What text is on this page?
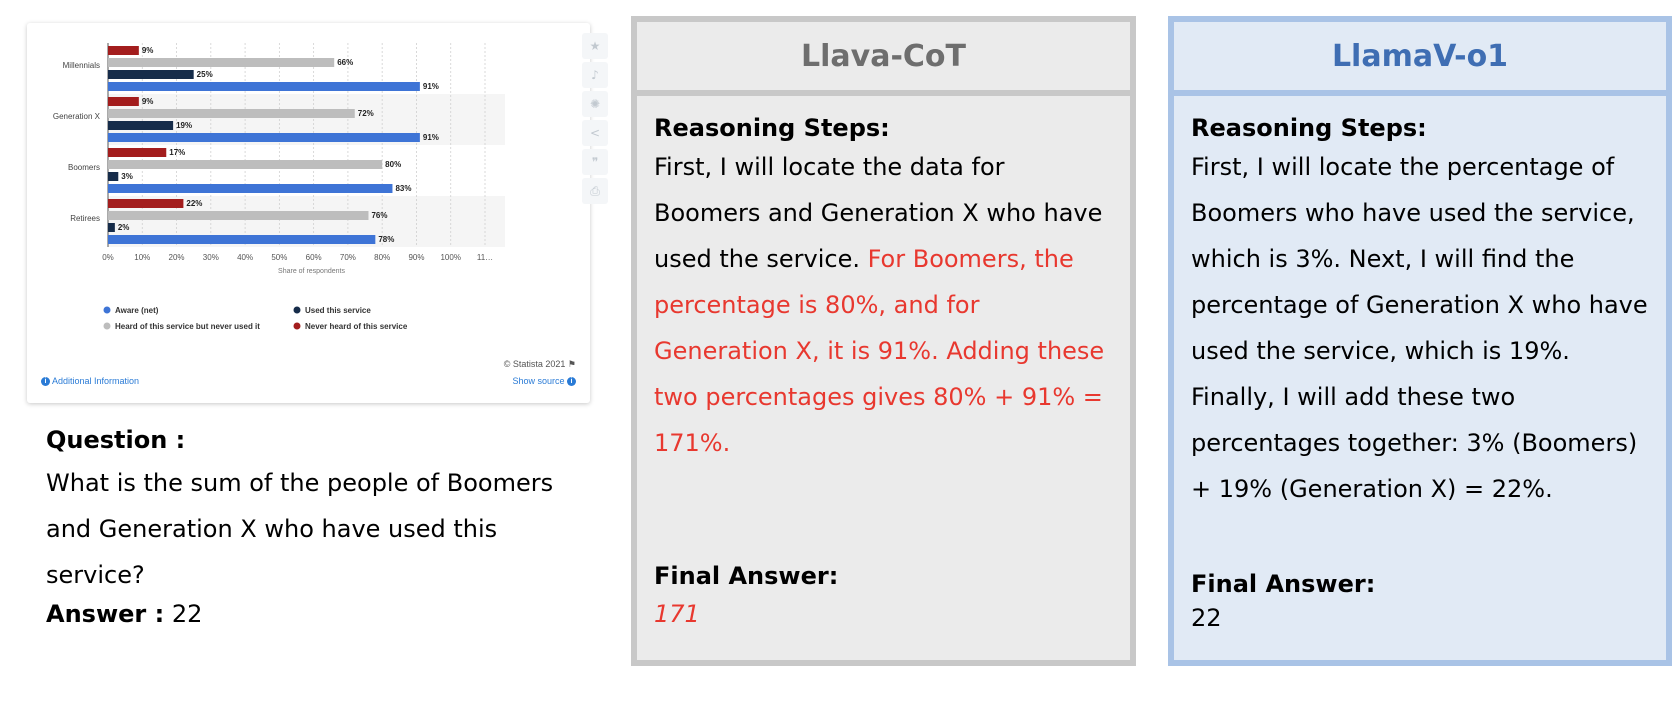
0%	10% 20% 30% 40% 50% 60% 70% 80% 90% 100% 11…
9%
66%
25%
91%
Millennials
9%
72%
19%
91%
Generation X
17%
80%
3%
83%
Boomers
22%
76%
2%
78%
Retirees
Share of respondents
Aware (net)	Used this service
Heard of this service but never used it	Never heard of this service
★
♪
✺
<
❞
⎙
© Statista 2021 ⚑
i Additional Information	Show source i
Question :
What is the sum of the people of Boomers and Generation X who have used this service?
Answer : 22
Llava-CoT
Reasoning Steps:
First, I will locate the data for Boomers and Generation X who have used the service. For Boomers, the percentage is 80%, and for Generation X, it is 91%. Adding these two percentages gives 80% + 91% = 171%.
Final Answer:
171
LlamaV-o1
Reasoning Steps:
First, I will locate the percentage of Boomers who have used the service, which is 3%. Next, I will find the percentage of Generation X who have used the service, which is 19%. Finally, I will add these two percentages together: 3% (Boomers) + 19% (Generation X) = 22%.
Final Answer:
22
